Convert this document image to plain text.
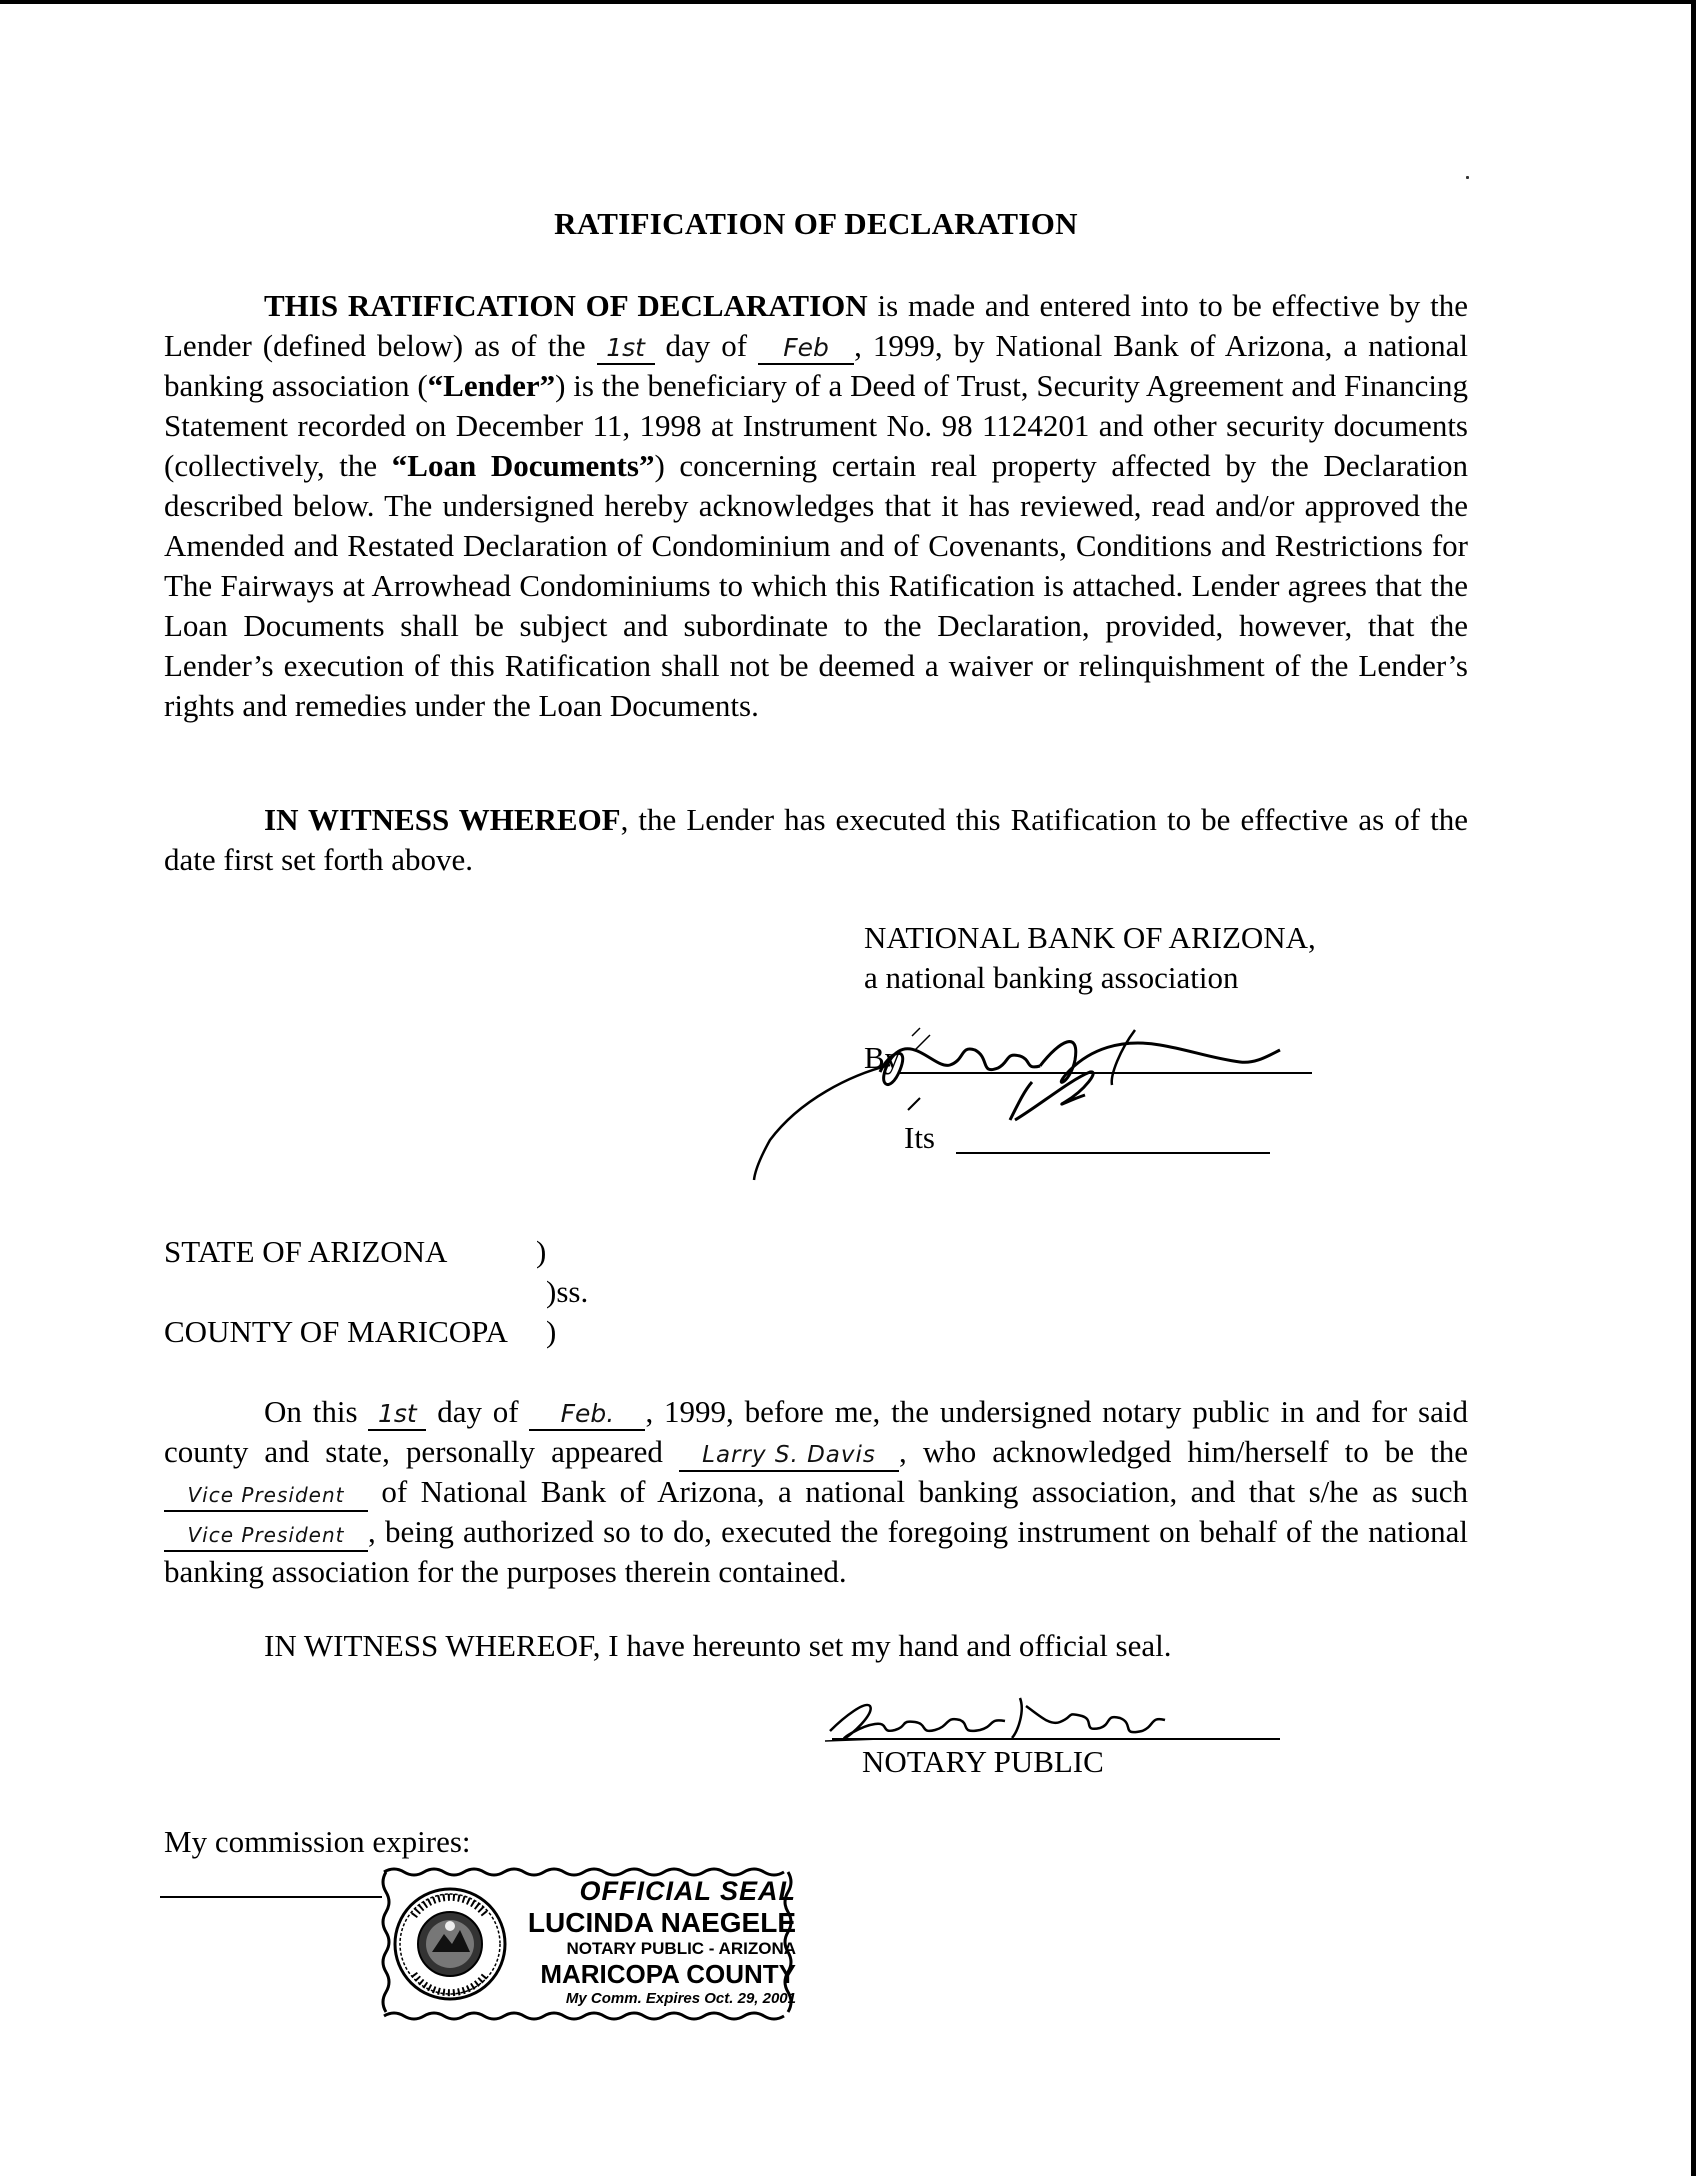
RATIFICATION OF DECLARATION

THIS RATIFICATION OF DECLARATION is made and entered into to be effective by the Lender (defined below) as of the 1st day of Feb , 1999, by National Bank of Arizona, a national banking association (“Lender”) is the beneficiary of a Deed of Trust, Security Agreement and Financing Statement recorded on December 11, 1998 at Instrument No. 98 1124201 and other security documents (collectively, the “Loan Documents”) concerning certain real property affected by the Declaration described below. The undersigned hereby acknowledges that it has reviewed, read and/or approved the Amended and Restated Declaration of Condominium and of Covenants, Conditions and Restrictions for The Fairways at Arrowhead Condominiums to which this Ratification is attached. Lender agrees that the Loan Documents shall be subject and subordinate to the Declaration, provided, however, that the Lender’s execution of this Ratification shall not be deemed a waiver or relinquishment of the Lender’s rights and remedies under the Loan Documents.

IN WITNESS WHEREOF, the Lender has executed this Ratification to be effective as of the date first set forth above.

NATIONAL BANK OF ARIZONA,
a national banking association
By
Its
STATE OF ARIZONA	)
)ss.
COUNTY OF MARICOPA )

On this 1st day of Feb. , 1999, before me, the undersigned notary public in and for said county and state, personally appeared Larry S. Davis , who acknowledged him/herself to be the Vice President of National Bank of Arizona, a national banking association, and that s/he as such Vice President , being authorized so to do, executed the foregoing instrument on behalf of the national banking association for the purposes therein contained.

IN WITNESS WHEREOF, I have hereunto set my hand and official seal.
NOTARY PUBLIC
My commission expires:
OFFICIAL SEAL
LUCINDA NAEGELE
NOTARY PUBLIC - ARIZONA
MARICOPA COUNTY
My Comm. Expires Oct. 29, 2001
